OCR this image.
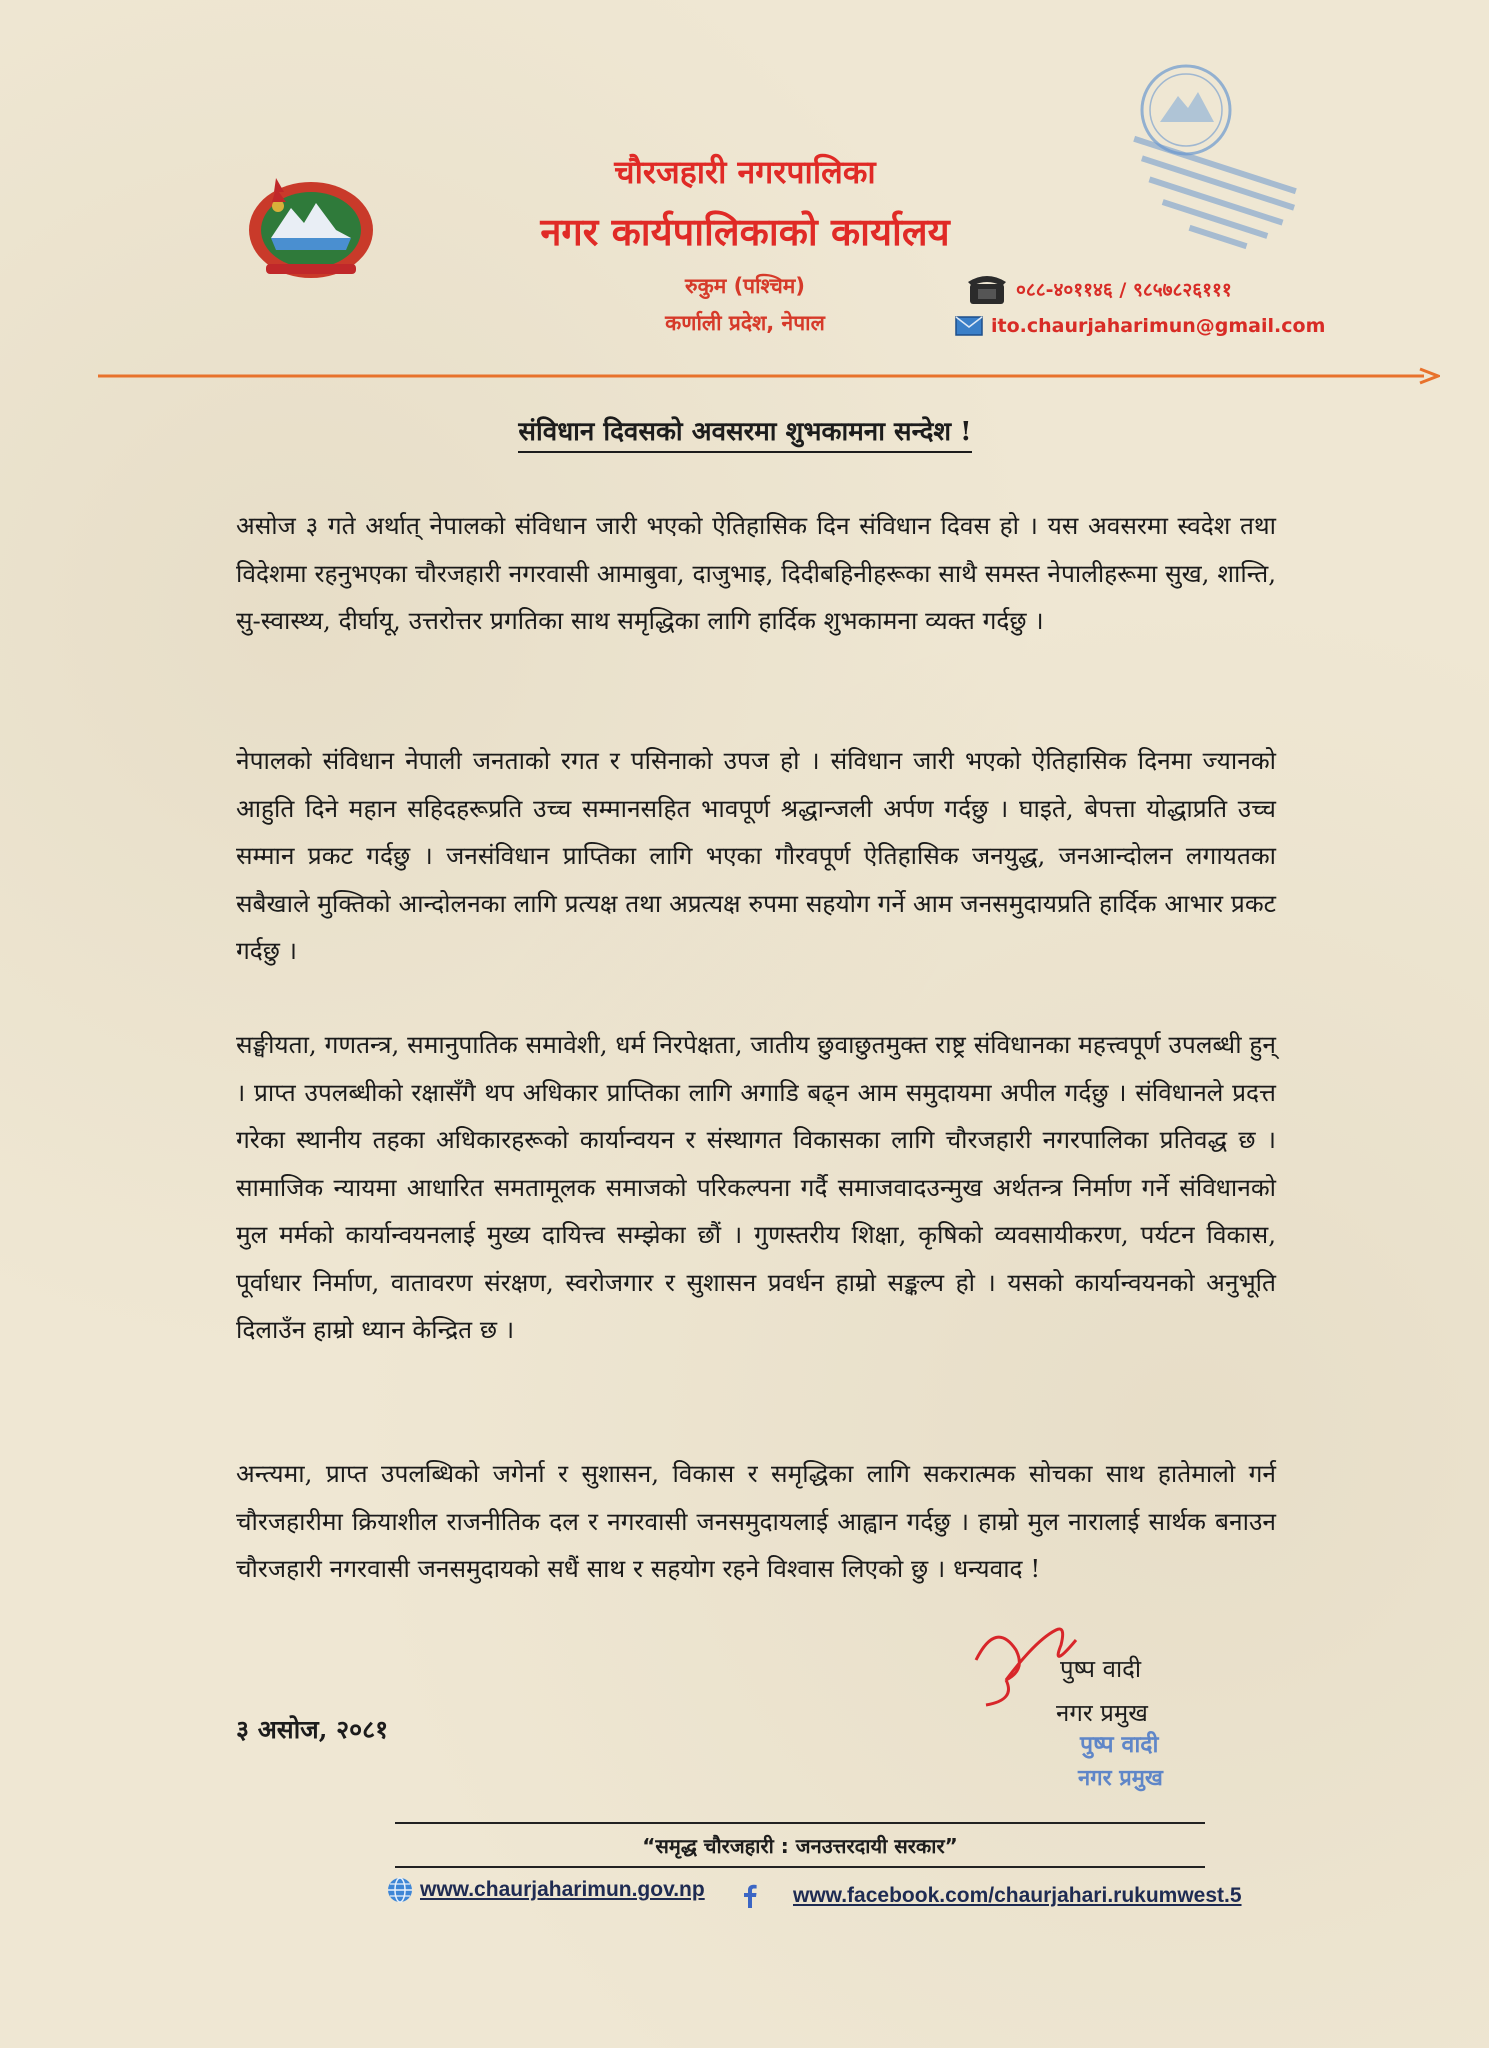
चौरजहारी नगरपालिका
नगर कार्यपालिकाको कार्यालय
रुकुम (पश्चिम)
कर्णाली प्रदेश, नेपाल
०८८-४०११४६ / ९८५७८२६१११
ito.chaurjaharimun@gmail.com
संविधान दिवसको अवसरमा शुभकामना सन्देश !
असोज ३ गते अर्थात् नेपालको संविधान जारी भएको ऐतिहासिक दिन संविधान दिवस हो । यस अवसरमा स्वदेश तथा विदेशमा रहनुभएका चौरजहारी नगरवासी आमाबुवा, दाजुभाइ, दिदीबहिनीहरूका साथै समस्त नेपालीहरूमा सुख, शान्ति, सु-स्वास्थ्य, दीर्घायू, उत्तरोत्तर प्रगतिका साथ समृद्धिका लागि हार्दिक शुभकामना व्यक्त गर्दछु ।
नेपालको संविधान नेपाली जनताको रगत र पसिनाको उपज हो । संविधान जारी भएको ऐतिहासिक दिनमा ज्यानको आहुति दिने महान सहिदहरूप्रति उच्च सम्मानसहित भावपूर्ण श्रद्धान्जली अर्पण गर्दछु । घाइते, बेपत्ता योद्धाप्रति उच्च सम्मान प्रकट गर्दछु । जनसंविधान प्राप्तिका लागि भएका गौरवपूर्ण ऐतिहासिक जनयुद्ध, जनआन्दोलन लगायतका सबैखाले मुक्तिको आन्दोलनका लागि प्रत्यक्ष तथा अप्रत्यक्ष रुपमा सहयोग गर्ने आम जनसमुदायप्रति हार्दिक आभार प्रकट गर्दछु ।
सङ्घीयता, गणतन्त्र, समानुपातिक समावेशी, धर्म निरपेक्षता, जातीय छुवाछुतमुक्त राष्ट्र संविधानका महत्त्वपूर्ण उपलब्धी हुन् । प्राप्त उपलब्धीको रक्षासँगै थप अधिकार प्राप्तिका लागि अगाडि बढ्न आम समुदायमा अपील गर्दछु । संविधानले प्रदत्त गरेका स्थानीय तहका अधिकारहरूको कार्यान्वयन र संस्थागत विकासका लागि चौरजहारी नगरपालिका प्रतिवद्ध छ । सामाजिक न्यायमा आधारित समतामूलक समाजको परिकल्पना गर्दै समाजवादउन्मुख अर्थतन्त्र निर्माण गर्ने संविधानको मुल मर्मको कार्यान्वयनलाई मुख्य दायित्त्व सम्झेका छौं । गुणस्तरीय शिक्षा, कृषिको व्यवसायीकरण, पर्यटन विकास, पूर्वाधार निर्माण, वातावरण संरक्षण, स्वरोजगार र सुशासन प्रवर्धन हाम्रो सङ्कल्प हो । यसको कार्यान्वयनको अनुभूति दिलाउँन हाम्रो ध्यान केन्द्रित छ ।
अन्त्यमा, प्राप्त उपलब्धिको जगेर्ना र सुशासन, विकास र समृद्धिका लागि सकरात्मक सोचका साथ हातेमालो गर्न चौरजहारीमा क्रियाशील राजनीतिक दल र नगरवासी जनसमुदायलाई आह्वान गर्दछु । हाम्रो मुल नारालाई सार्थक बनाउन चौरजहारी नगरवासी जनसमुदायको सधैं साथ र सहयोग रहने विश्वास लिएको छु । धन्यवाद !
पुष्प वादी
नगर प्रमुख
पुष्प वादी
नगर प्रमुख
३ असोज, २०८१
“समृद्ध चौरजहारी : जनउत्तरदायी सरकार”
www.chaurjaharimun.gov.np	www.facebook.com/chaurjahari.rukumwest.5
